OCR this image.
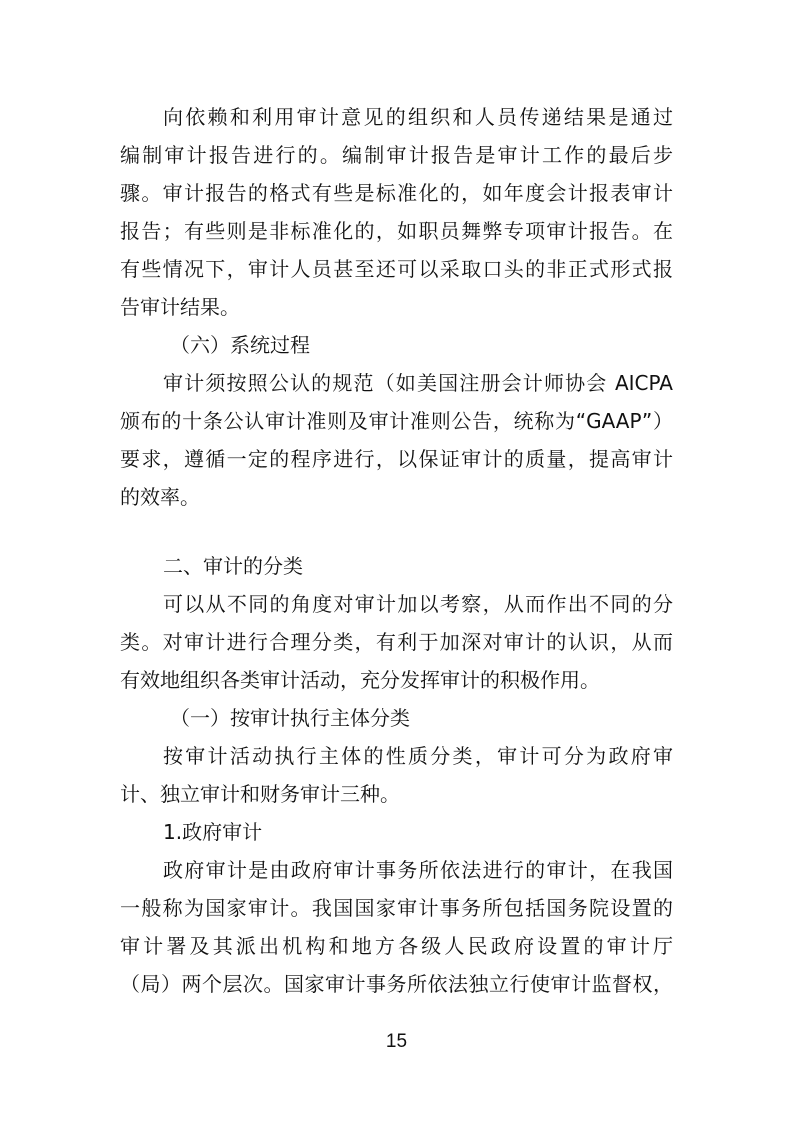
向依赖和利用审计意见的组织和人员传递结果是通过

编制审计报告进行的。编制审计报告是审计工作的最后步

骤。审计报告的格式有些是标准化的，如年度会计报表审计

报告；有些则是非标准化的，如职员舞弊专项审计报告。在

有些情况下，审计人员甚至还可以采取口头的非正式形式报

告审计结果。

（六）系统过程

审计须按照公认的规范（如美国注册会计师协会 AICPA

颁布的十条公认审计准则及审计准则公告，统称为“GAAP”）

要求，遵循一定的程序进行，以保证审计的质量，提高审计

的效率。

二、审计的分类

可以从不同的角度对审计加以考察，从而作出不同的分

类。对审计进行合理分类，有利于加深对审计的认识，从而

有效地组织各类审计活动，充分发挥审计的积极作用。

（一）按审计执行主体分类

按审计活动执行主体的性质分类，审计可分为政府审

计、独立审计和财务审计三种。

1.政府审计

政府审计是由政府审计事务所依法进行的审计，在我国

一般称为国家审计。我国国家审计事务所包括国务院设置的

审计署及其派出机构和地方各级人民政府设置的审计厅

（局）两个层次。国家审计事务所依法独立行使审计监督权，

15
